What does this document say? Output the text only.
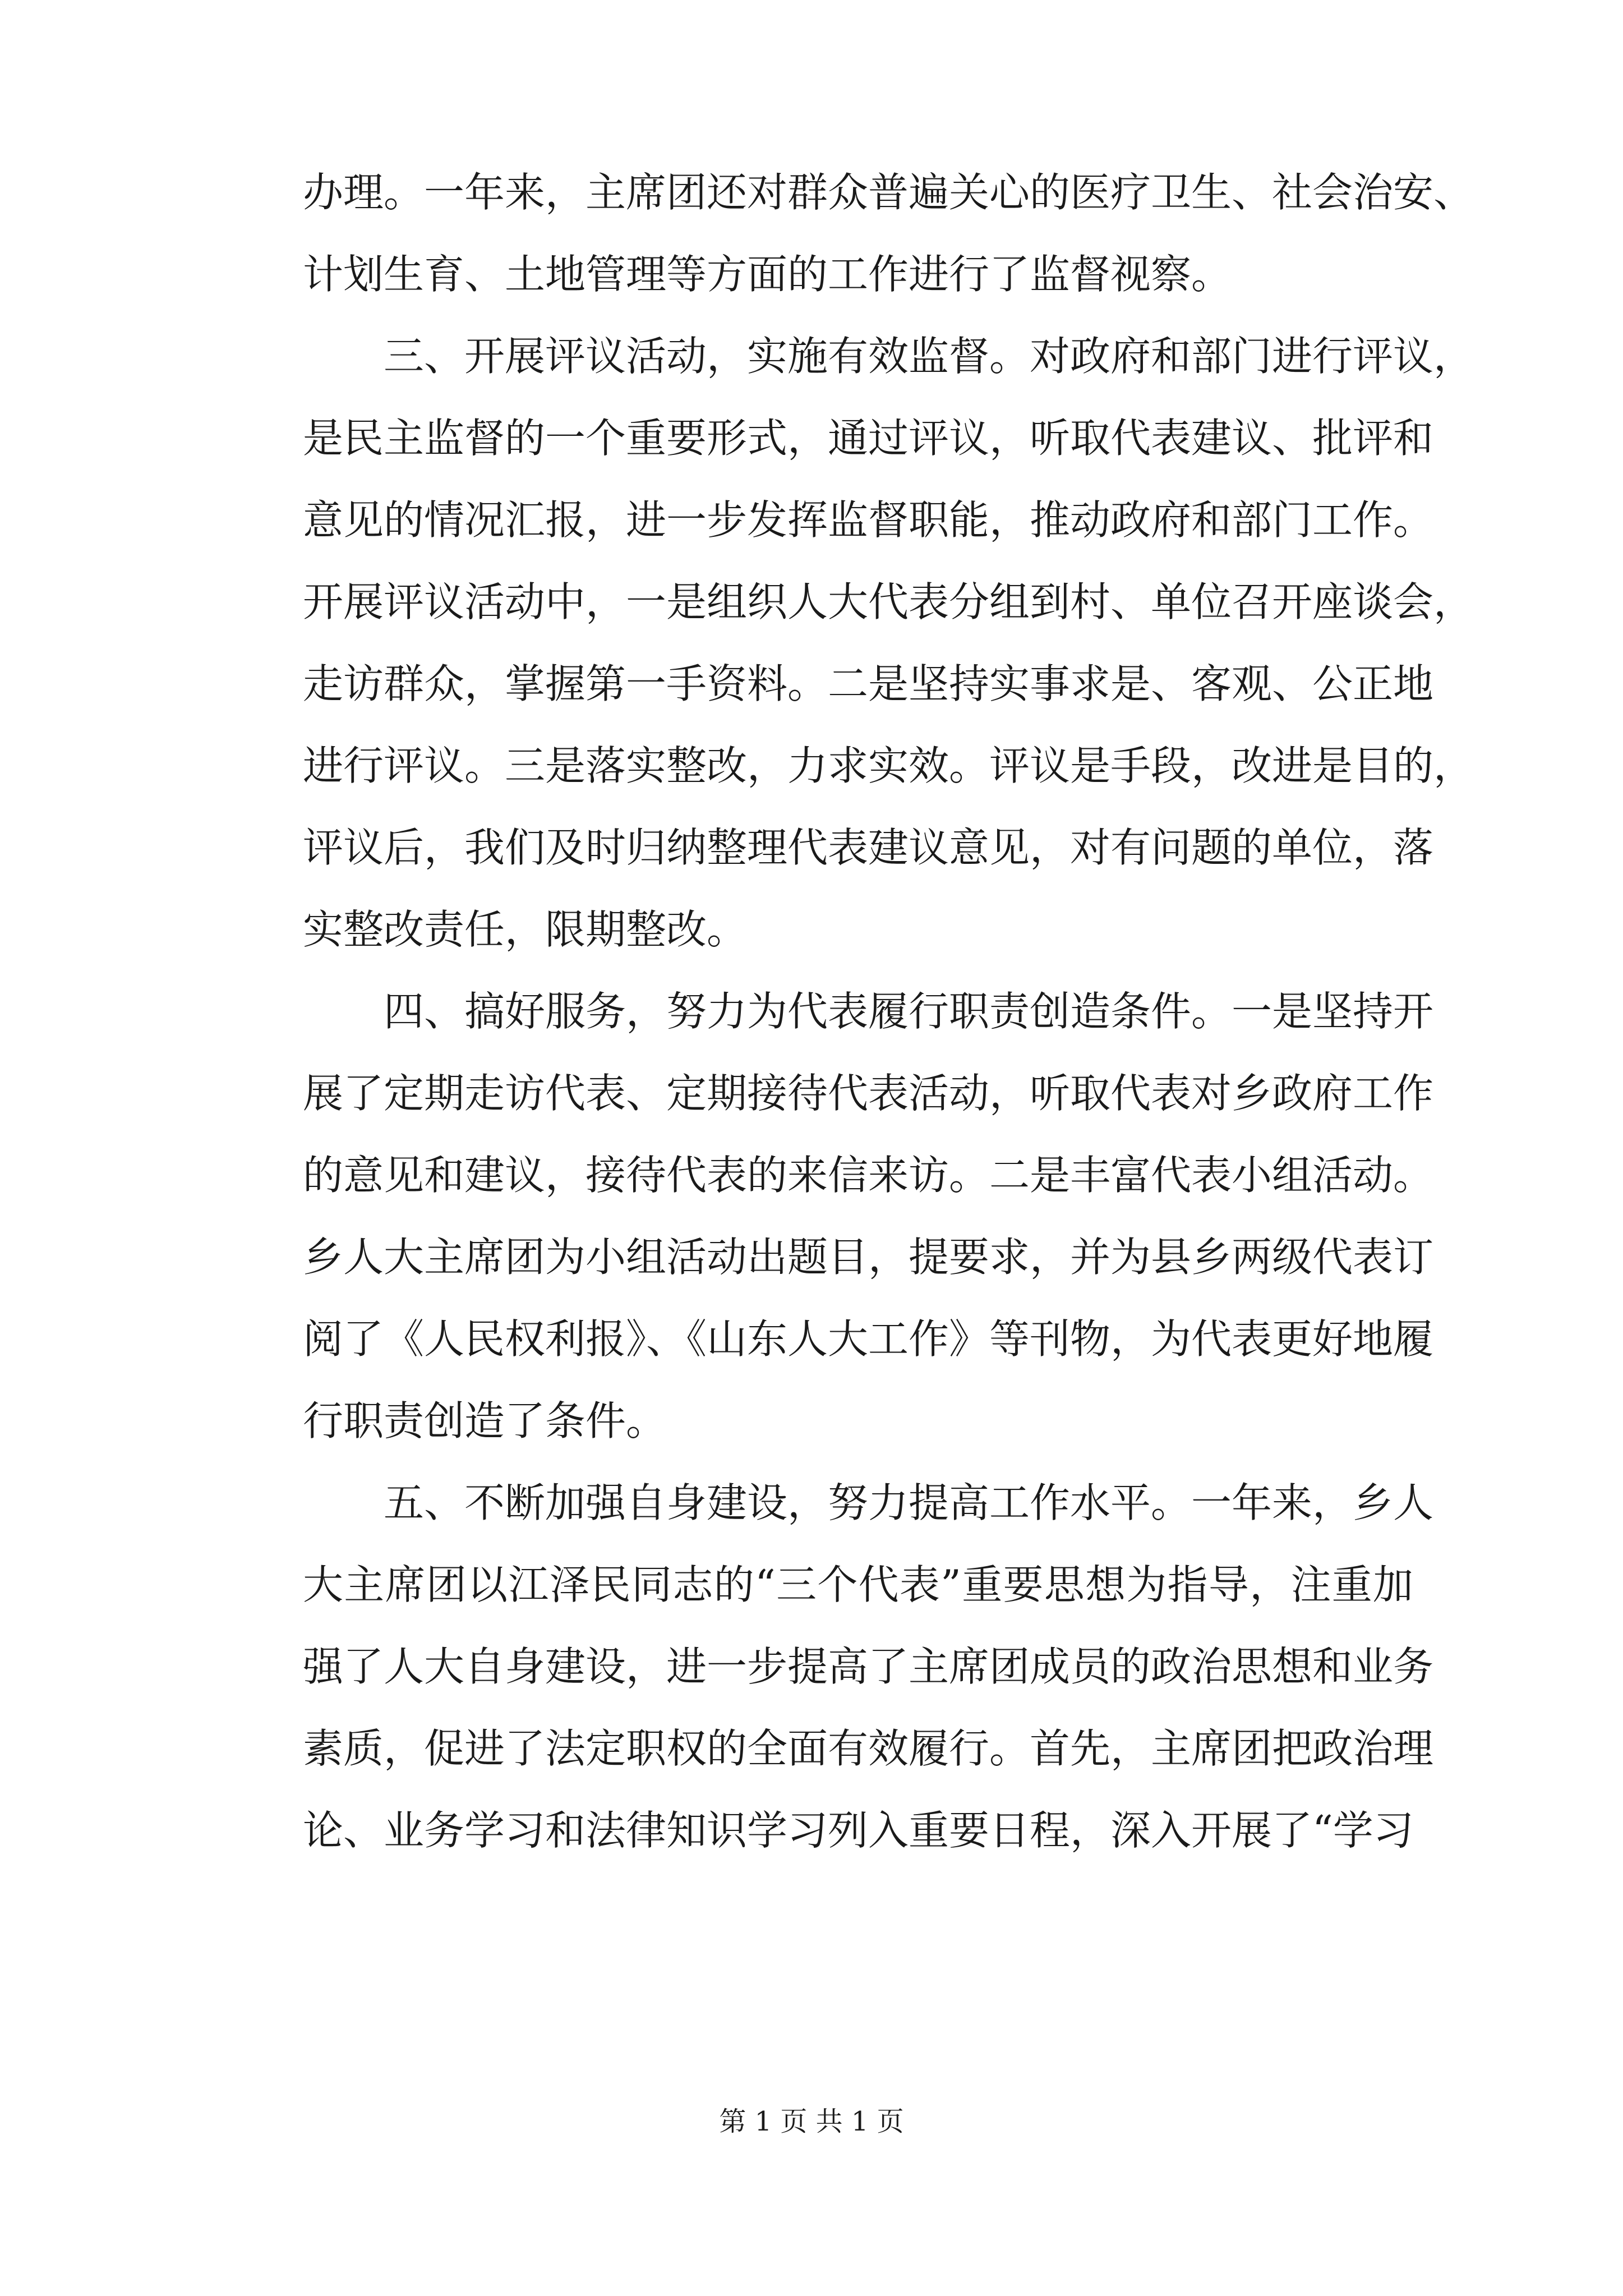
办理。一年来，主席团还对群众普遍关心的医疗卫生、社会治安、
计划生育、土地管理等方面的工作进行了监督视察。
三、开展评议活动，实施有效监督。对政府和部门进行评议，
是民主监督的一个重要形式，通过评议，听取代表建议、批评和
意见的情况汇报，进一步发挥监督职能，推动政府和部门工作。
开展评议活动中，一是组织人大代表分组到村、单位召开座谈会，
走访群众，掌握第一手资料。二是坚持实事求是、客观、公正地
进行评议。三是落实整改，力求实效。评议是手段，改进是目的，
评议后，我们及时归纳整理代表建议意见，对有问题的单位，落
实整改责任，限期整改。
四、搞好服务，努力为代表履行职责创造条件。一是坚持开
展了定期走访代表、定期接待代表活动，听取代表对乡政府工作
的意见和建议，接待代表的来信来访。二是丰富代表小组活动。
乡人大主席团为小组活动出题目，提要求，并为县乡两级代表订
阅了《人民权利报》、《山东人大工作》等刊物，为代表更好地履
行职责创造了条件。
五、不断加强自身建设，努力提高工作水平。一年来，乡人
大主席团以江泽民同志的“三个代表”重要思想为指导，注重加
强了人大自身建设，进一步提高了主席团成员的政治思想和业务
素质，促进了法定职权的全面有效履行。首先，主席团把政治理
论、业务学习和法律知识学习列入重要日程，深入开展了“学习
第 1 页 共 1 页
